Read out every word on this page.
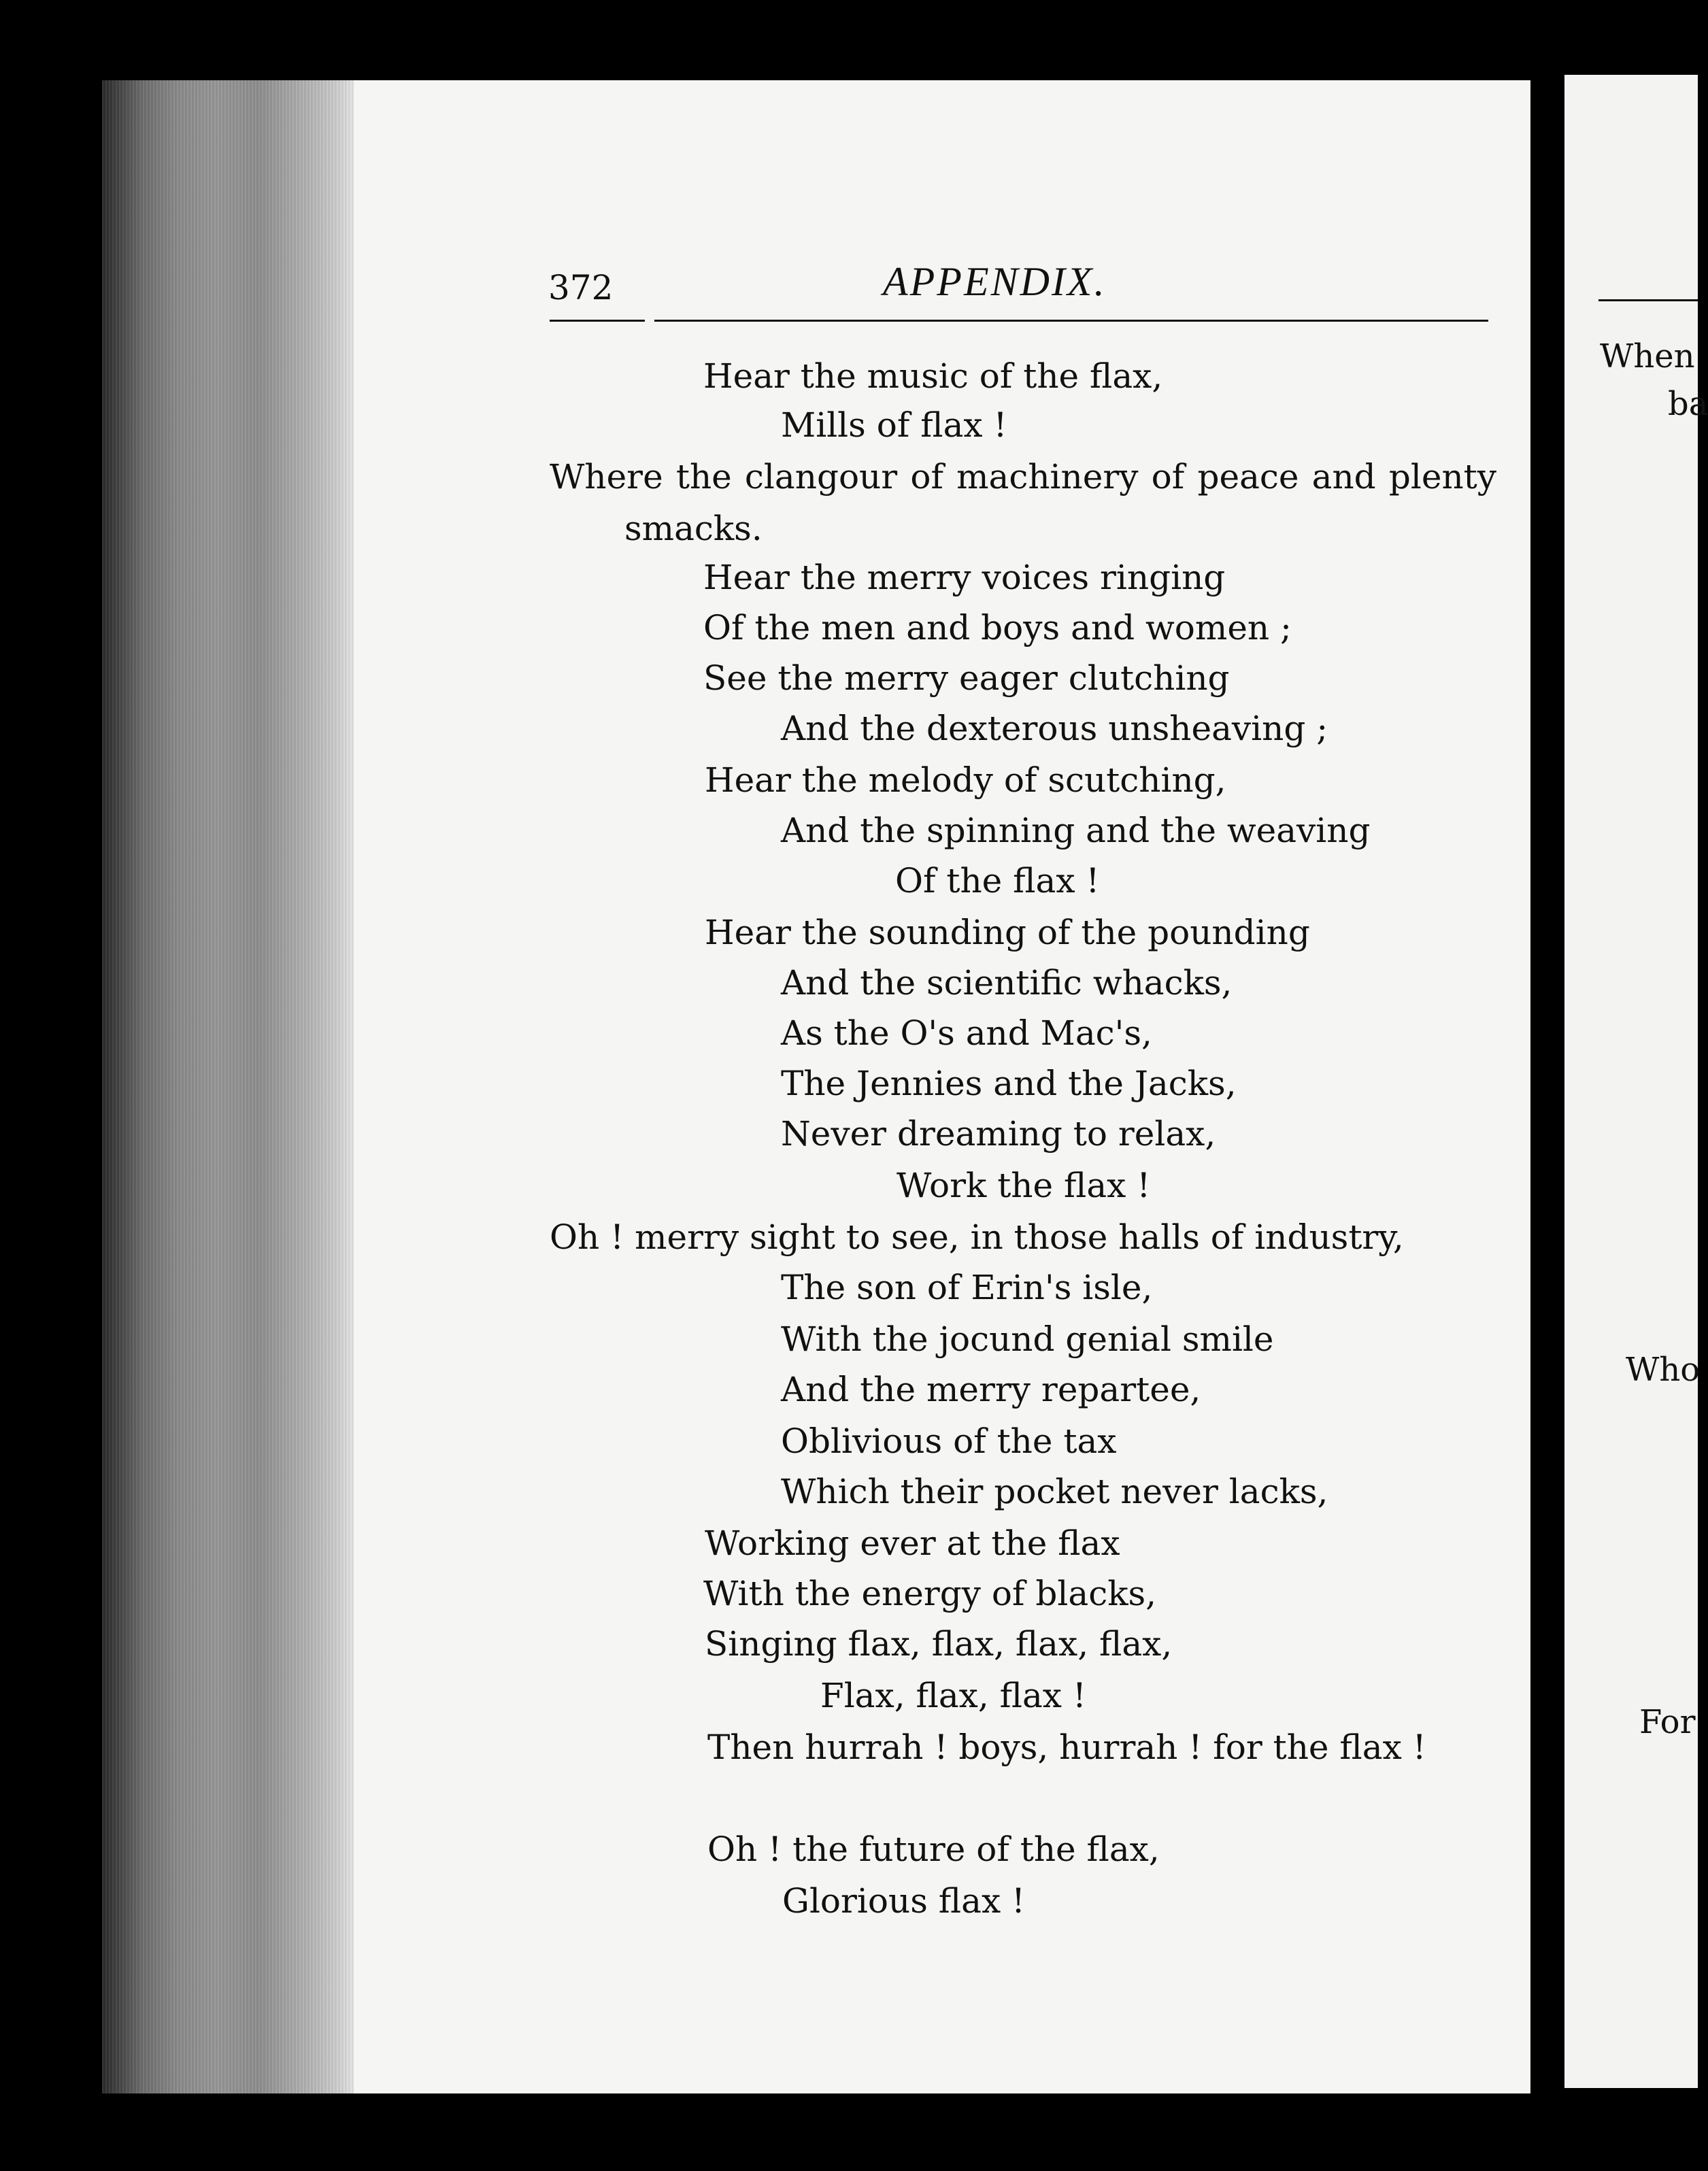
When
ba
Who
For
372	APPENDIX.
Hear the music of the flax,
Mills of flax !
Where the clangour of machinery of peace and plenty
smacks.
Hear the merry voices ringing
Of the men and boys and women ;
See the merry eager clutching
And the dexterous unsheaving ;
Hear the melody of scutching,
And the spinning and the weaving
Of the flax !
Hear the sounding of the pounding
And the scientific whacks,
As the O's and Mac's,
The Jennies and the Jacks,
Never dreaming to relax,
Work the flax !
Oh ! merry sight to see, in those halls of industry,
The son of Erin's isle,
With the jocund genial smile
And the merry repartee,
Oblivious of the tax
Which their pocket never lacks,
Working ever at the flax
With the energy of blacks,
Singing flax, flax, flax, flax,
Flax, flax, flax !
Then hurrah ! boys, hurrah ! for the flax !
Oh ! the future of the flax,
Glorious flax !
